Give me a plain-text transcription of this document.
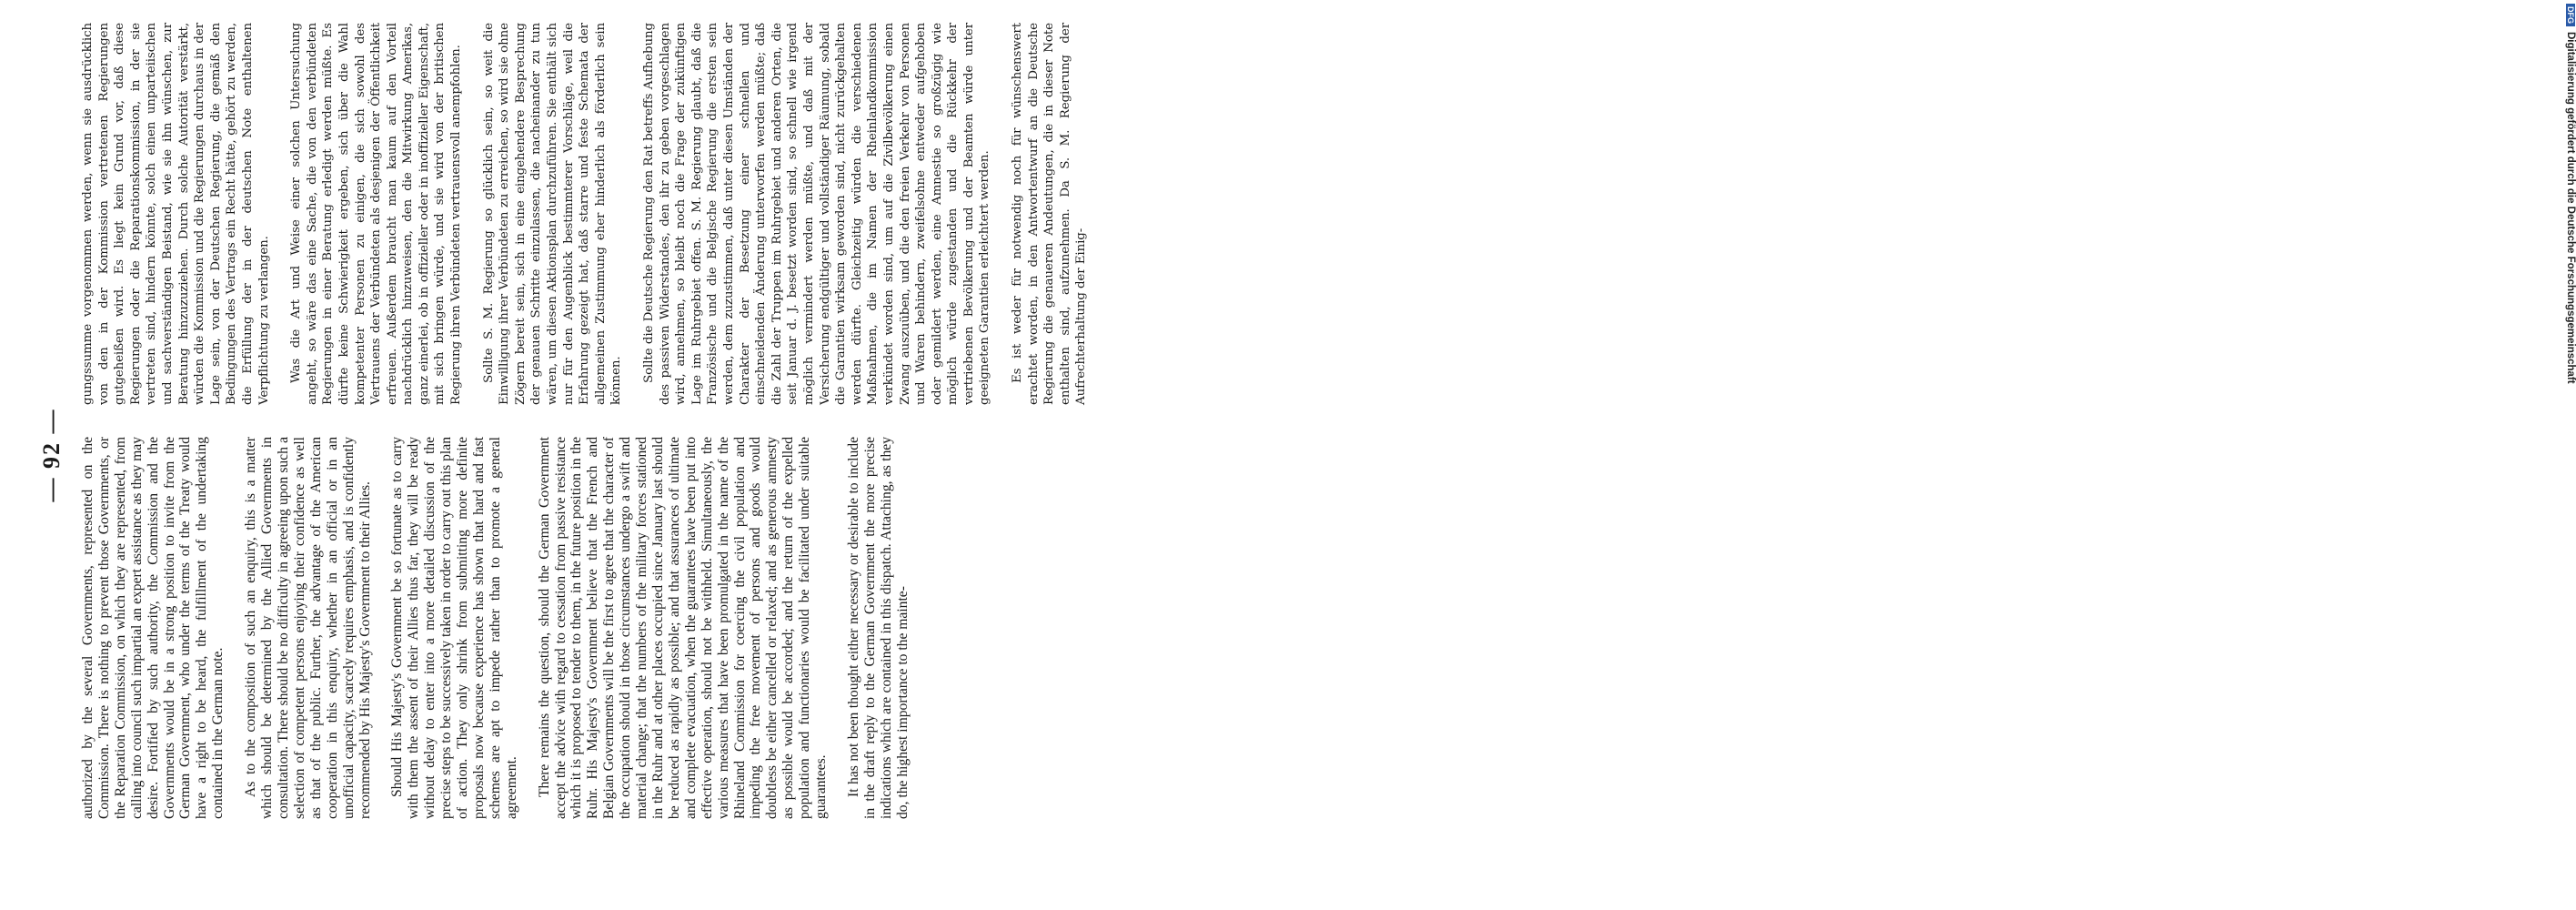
— 92 — authorized by the several Governments, represented on the Commission. There is nothing to prevent those Governments, or the Reparation Commission, on which they are represented, from calling into council such impartial an expert assistance as they may desire. Fortified by such authority, the Commission and the Governments would be in a strong position to invite from the German Government, who under the terms of the Treaty would have a right to be heard, the fulfillment of the undertaking contained in the German note. As to the composition of such an enquiry, this is a matter which should be determined by the Allied Governments in consultation. There should be no difficulty in agreeing upon such a selection of competent persons enjoying their confidence as well as that of the public. Further, the advantage of the American cooperation in this enquiry, whether in an official or in an unofficial capacity, scarcely requires emphasis, and is confidently recommended by His Majesty's Government to their Allies. Should His Majesty's Government be so fortunate as to carry with them the assent of their Allies thus far, they will be ready without delay to enter into a more detailed discussion of the precise steps to be successively taken in order to carry out this plan of action. They only shrink from submitting more definite proposals now because experience has shown that hard and fast schemes are apt to impede rather than to promote a general agreement. There remains the question, should the German Government accept the advice with regard to cessation from passive resistance which it is proposed to tender to them, in the future position in the Ruhr. His Majesty's Government believe that the French and Belgian Governments will be the first to agree that the character of the occupation should in those circumstances undergo a swift and material change; that the numbers of the military forces stationed in the Ruhr and at other places occupied since January last should be reduced as rapidly as possible; and that assurances of ultimate and complete evacuation, when the guarantees have been put into effective operation, should not be withheld. Simultaneously, the various measures that have been promulgated in the name of the Rhineland Commission for coercing the civil population and impeding the free movement of persons and goods would doubtless be either cancelled or relaxed; and as generous amnesty as possible would be accorded; and the return of the expelled population and functionaries would be facilitated under suitable guarantees. It has not been thought either necessary or desirable to include in the draft reply to the German Government the more precise indications which are contained in this dispatch. Attaching, as they do, the highest importance to the mainte-

gungssumme vorgenommen werden, wenn sie ausdrücklich von den in der Kommission vertretenen Regierungen gutgeheißen wird. Es liegt kein Grund vor, daß diese Regierungen oder die Reparationskommission, in der sie vertreten sind, hindern könnte, solch einen unparteiischen und sachverständigen Beistand, wie sie ihn wünschen, zur Beratung hinzuzuziehen. Durch solche Autorität verstärkt, würden die Kommission und die Regierungen durchaus in der Lage sein, von der Deutschen Regierung, die gemäß den Bedingungen des Vertrags ein Recht hätte, gehört zu werden, die Erfüllung der in der deutschen Note enthaltenen Verpflichtung zu verlangen. Was die Art und Weise einer solchen Untersuchung angeht, so wäre das eine Sache, die von den verbündeten Regierungen in einer Beratung erledigt werden müßte. Es dürfte keine Schwierigkeit ergeben, sich über die Wahl kompetenter Personen zu einigen, die sich sowohl des Vertrauens der Verbündeten als desjenigen der Öffentlichkeit erfreuen. Außerdem braucht man kaum auf den Vorteil nachdrücklich hinzuweisen, den die Mitwirkung Amerikas, ganz einerlei, ob in offizieller oder in inoffizieller Eigenschaft, mit sich bringen würde, und sie wird von der britischen Regierung ihren Verbündeten vertrauensvoll anempfohlen. Sollte S. M. Regierung so glücklich sein, so weit die Einwilligung ihrer Verbündeten zu erreichen, so wird sie ohne Zögern bereit sein, sich in eine eingehendere Besprechung der genauen Schritte einzulassen, die nacheinander zu tun wären, um diesen Aktionsplan durchzuführen. Sie enthält sich nur für den Augenblick bestimmterer Vorschläge, weil die Erfahrung gezeigt hat, daß starre und feste Schemata der allgemeinen Zustimmung eher hinderlich als förderlich sein können. Sollte die Deutsche Regierung den Rat betreffs Aufhebung des passiven Widerstandes, den ihr zu geben vorgeschlagen wird, annehmen, so bleibt noch die Frage der zukünftigen Lage im Ruhrgebiet offen. S. M. Regierung glaubt, daß die Französische und die Belgische Regierung die ersten sein werden, dem zuzustimmen, daß unter diesen Umständen der Charakter der Besetzung einer schnellen und einschneidenden Änderung unterworfen werden müßte; daß die Zahl der Truppen im Ruhrgebiet und anderen Orten, die seit Januar d. J. besetzt worden sind, so schnell wie irgend möglich vermindert werden müßte, und daß mit der Versicherung endgültiger und vollständiger Räumung, sobald die Garantien wirksam geworden sind, nicht zurückgehalten werden dürfte. Gleichzeitig würden die verschiedenen Maßnahmen, die im Namen der Rheinlandkommission verkündet worden sind, um auf die Zivilbevölkerung einen Zwang auszuüben, und die den freien Verkehr von Personen und Waren behindern, zweifelsohne entweder aufgehoben oder gemildert werden, eine Amnestie so großzügig wie möglich würde zugestanden und die Rückkehr der vertriebenen Bevölkerung und der Beamten würde unter geeigneten Garantien erleichtert werden. Es ist weder für notwendig noch für wünschenswert erachtet worden, in den Antwortentwurf an die Deutsche Regierung die genaueren Andeutungen, die in dieser Note enthalten sind, aufzunehmen. Da S. M. Regierung der Aufrechterhaltung der Einig-

DFGDigitalisierung gefördert durch die Deutsche Forschungsgemeinschaft
